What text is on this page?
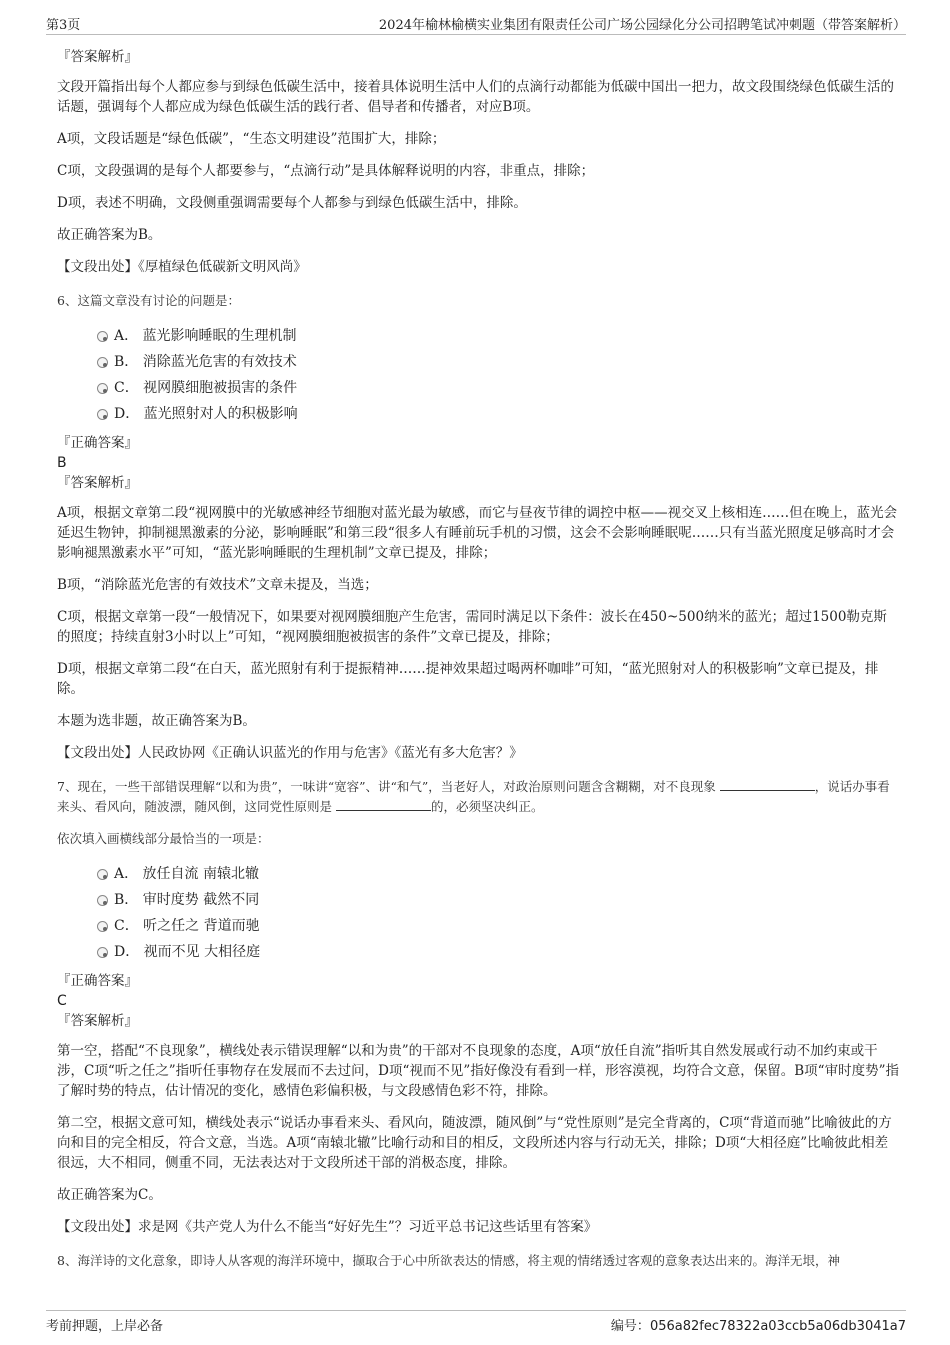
第3页	2024年榆林榆横实业集团有限责任公司广场公园绿化分公司招聘笔试冲刺题（带答案解析）

『答案解析』

文段开篇指出每个人都应参与到绿色低碳生活中，接着具体说明生活中人们的点滴行动都能为低碳中国出一把力，故文段围绕绿色低碳生活的话题，强调每个人都应成为绿色低碳生活的践行者、倡导者和传播者，对应B项。

A项，文段话题是“绿色低碳”，“生态文明建设”范围扩大，排除；

C项，文段强调的是每个人都要参与，“点滴行动”是具体解释说明的内容，非重点，排除；

D项，表述不明确，文段侧重强调需要每个人都参与到绿色低碳生活中，排除。

故正确答案为B。

【文段出处】《厚植绿色低碳新文明风尚》

6、这篇文章没有讨论的问题是：

A． 蓝光影响睡眠的生理机制
B． 消除蓝光危害的有效技术
C． 视网膜细胞被损害的条件
D． 蓝光照射对人的积极影响

『正确答案』

B

『答案解析』

A项，根据文章第二段“视网膜中的光敏感神经节细胞对蓝光最为敏感，而它与昼夜节律的调控中枢——视交叉上核相连……但在晚上，蓝光会延迟生物钟，抑制褪黑激素的分泌，影响睡眠”和第三段“很多人有睡前玩手机的习惯，这会不会影响睡眠呢……只有当蓝光照度足够高时才会影响褪黑激素水平”可知，“蓝光影响睡眠的生理机制”文章已提及，排除；

B项，“消除蓝光危害的有效技术”文章未提及，当选；

C项，根据文章第一段“一般情况下，如果要对视网膜细胞产生危害，需同时满足以下条件：波长在450~500纳米的蓝光；超过1500勒克斯的照度；持续直射3小时以上”可知，“视网膜细胞被损害的条件”文章已提及，排除；

D项，根据文章第二段“在白天，蓝光照射有利于提振精神……提神效果超过喝两杯咖啡”可知，“蓝光照射对人的积极影响”文章已提及，排除。

本题为选非题，故正确答案为B。

【文段出处】人民政协网《正确认识蓝光的作用与危害》《蓝光有多大危害？》

7、现在，一些干部错误理解“以和为贵”，一味讲“宽容”、讲“和气”，当老好人，对政治原则问题含含糊糊，对不良现象	，说话办事看来头、看风向，随波漂，随风倒，这同党性原则是	的，必须坚决纠正。

依次填入画横线部分最恰当的一项是：

A． 放任自流 南辕北辙
B． 审时度势 截然不同
C． 听之任之 背道而驰
D． 视而不见 大相径庭

『正确答案』

C

『答案解析』

第一空，搭配“不良现象”，横线处表示错误理解“以和为贵”的干部对不良现象的态度，A项“放任自流”指听其自然发展或行动不加约束或干涉，C项“听之任之”指听任事物存在发展而不去过问，D项“视而不见”指好像没有看到一样，形容漠视，均符合文意，保留。B项“审时度势”指了解时势的特点，估计情况的变化，感情色彩偏积极，与文段感情色彩不符，排除。

第二空，根据文意可知，横线处表示“说话办事看来头、看风向，随波漂，随风倒”与“党性原则”是完全背离的，C项“背道而驰”比喻彼此的方向和目的完全相反，符合文意，当选。A项“南辕北辙”比喻行动和目的相反，文段所述内容与行动无关，排除；D项“大相径庭”比喻彼此相差很远，大不相同，侧重不同，无法表达对于文段所述干部的消极态度，排除。

故正确答案为C。

【文段出处】求是网《共产党人为什么不能当“好好先生”？习近平总书记这些话里有答案》

8、海洋诗的文化意象，即诗人从客观的海洋环境中，撷取合于心中所欲表达的情感，将主观的情绪透过客观的意象表达出来的。海洋无垠，神

考前押题，上岸必备	编号：056a82fec78322a03ccb5a06db3041a7
